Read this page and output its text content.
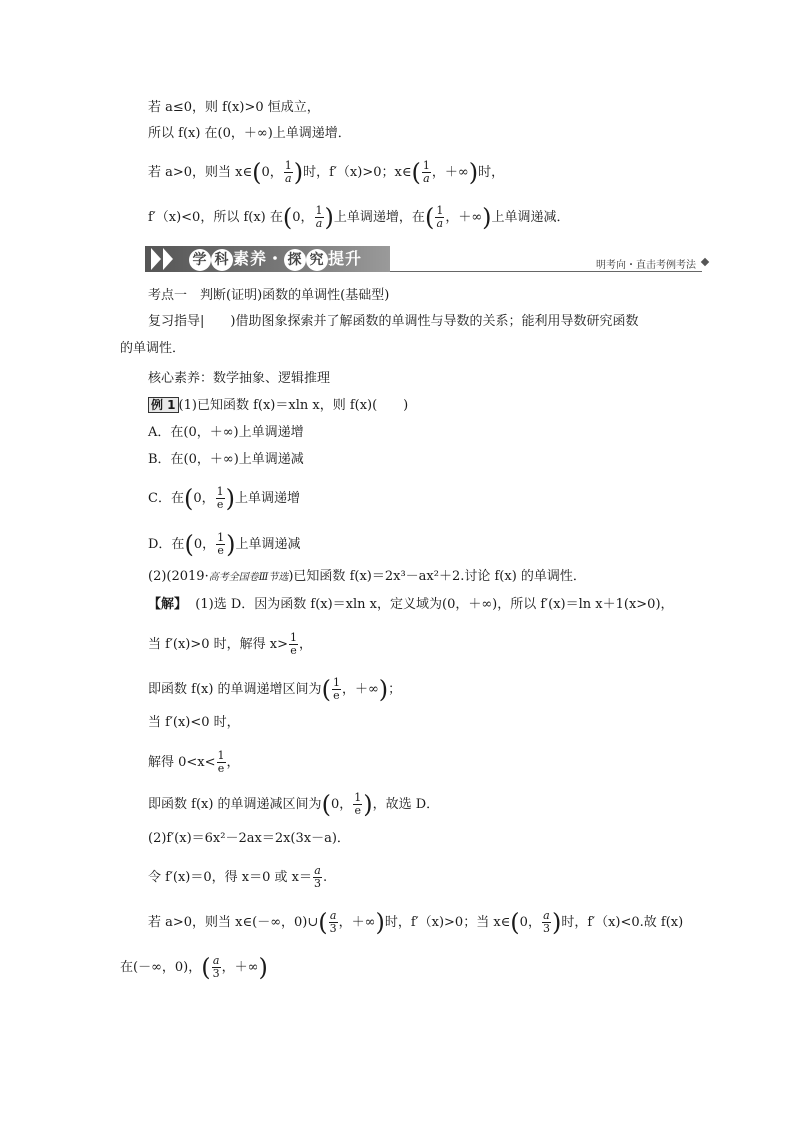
若 a≤0，则 f(x)>0 恒成立，
所以 f(x) 在(0，＋∞)上单调递增．
若 a>0，则当 x∈(0， $\frac{1}{a}$ )时，f′（x)>0；x∈( $\frac{1}{a}$ ，＋∞)时，
f′（x)<0，所以 f(x) 在(0， $\frac{1}{a}$ )上单调递增，在( $\frac{1}{a}$ ，＋∞)上单调递减．
学 科 素养・ 探 究 提升	明考向・直击考例考法
考点一　判断(证明)函数的单调性(基础型)
复习指导|　　)借助图象探索并了解函数的单调性与导数的关系；能利用导数研究函数
的单调性．
核心素养：数学抽象、逻辑推理
例 1 (1)已知函数 f(x)＝xln x，则 f(x)(　　)
A．在(0，＋∞)上单调递增
B．在(0，＋∞)上单调递减
C．在(0， $\frac{1}{e}$ )上单调递增
D．在(0， $\frac{1}{e}$ )上单调递减
(2)(2019·高考全国卷Ⅲ节选)已知函数 f(x)＝2x³－ax²＋2.讨论 f(x) 的单调性．
【解】 (1)选 D．因为函数 f(x)＝xln x，定义域为(0，＋∞)，所以 f′(x)＝ln x＋1(x>0)，
当 f′(x)>0 时，解得 $x> \frac{1}{e}$ ，
即函数 f(x) 的单调递增区间为( $\frac{1}{e}$ ，＋∞)；
当 f′(x)<0 时，
解得 $0<x< \frac{1}{e}$ ，
即函数 f(x) 的单调递减区间为(0， $\frac{1}{e}$ )，故选 D．
(2)f′(x)＝6x²－2ax＝2x(3x－a)．
令 f′(x)＝0，得 x＝0 或 $x= \frac{a}{3}$ .
若 a>0，则当 x∈(－∞，0)∪( $\frac{a}{3}$ ，＋∞)时，f′（x)>0；当 x∈(0， $\frac{a}{3}$ )时，f′（x)<0.故 f(x)
在(－∞，0)，( $\frac{a}{3}$ ，＋∞)
